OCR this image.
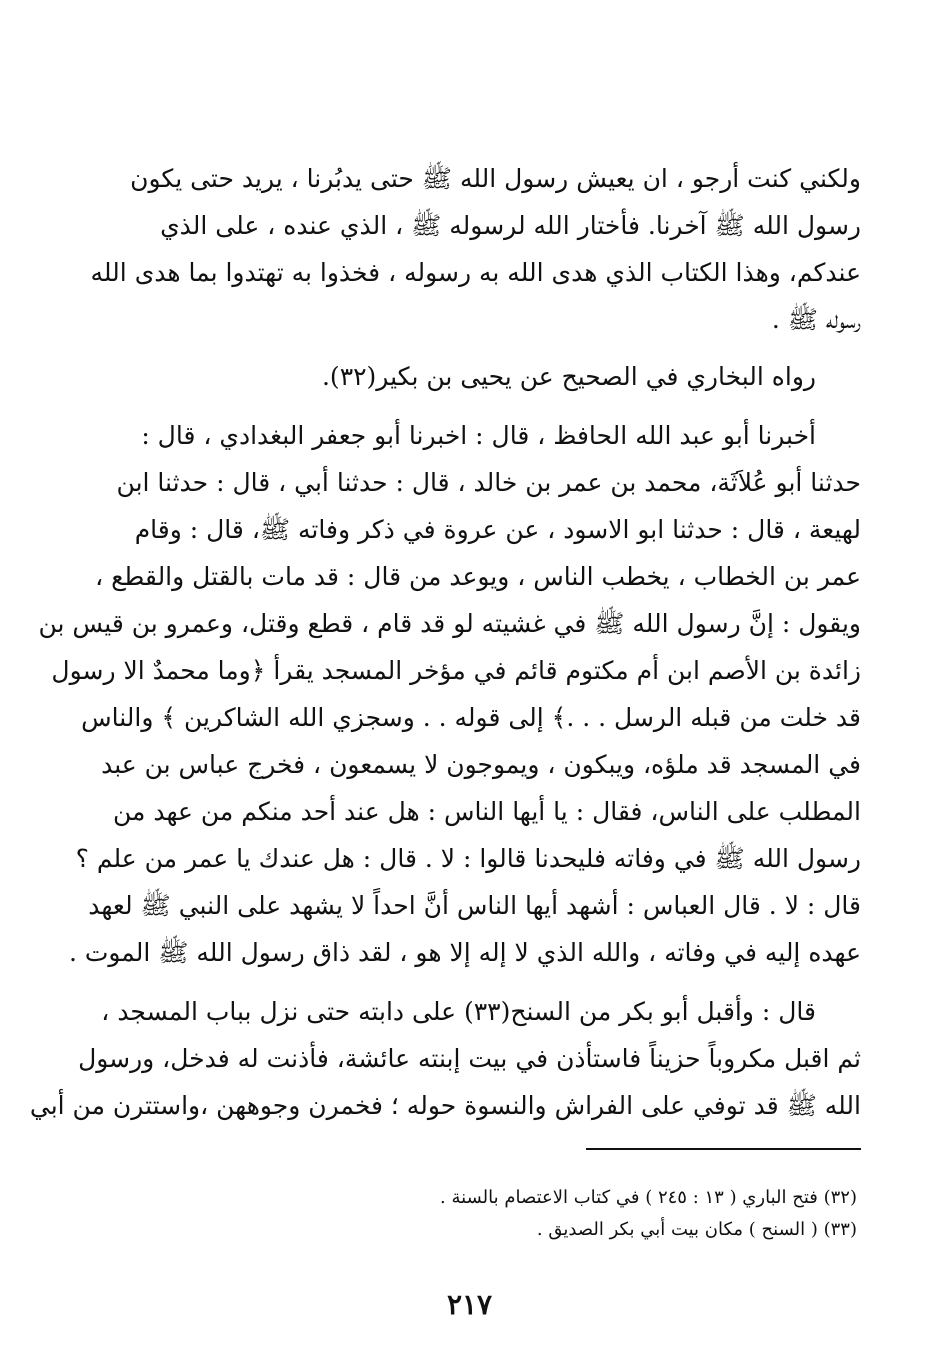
ولكني كنت أرجو ، ان يعيش رسول الله ﷺ حتى يدبُرنا ، يريد حتى يكون
رسول الله ﷺ آخرنا. فأختار الله لرسوله ﷺ ، الذي عنده ، على الذي
عندكم، وهذا الكتاب الذي هدى الله به رسوله ، فخذوا به تهتدوا بما هدى الله
رسوله ﷺ .

رواه البخاري في الصحيح عن يحيى بن بكير(٣٢).

أخبرنا أبو عبد الله الحافظ ، قال : اخبرنا أبو جعفر البغدادي ، قال :
حدثنا أبو عُلاَثَة، محمد بن عمر بن خالد ، قال : حدثنا أبي ، قال : حدثنا ابن
لهيعة ، قال : حدثنا ابو الاسود ، عن عروة في ذكر وفاته ﷺ، قال : وقام
عمر بن الخطاب ، يخطب الناس ، ويوعد من قال : قد مات بالقتل والقطع ،
ويقول : إنَّ رسول الله ﷺ في غشيته لو قد قام ، قطع وقتل، وعمرو بن قيس بن
زائدة بن الأصم ابن أم مكتوم قائم في مؤخر المسجد يقرأ ﴿وما محمدٌ الا رسول
قد خلت من قبله الرسل . . .﴾ إلى قوله . . وسجزي الله الشاكرين ﴾ والناس
في المسجد قد ملؤه، ويبكون ، ويموجون لا يسمعون ، فخرج عباس بن عبد
المطلب على الناس، فقال : يا أيها الناس : هل عند أحد منكم من عهد من
رسول الله ﷺ في وفاته فليحدنا قالوا : لا . قال : هل عندك يا عمر من علم ؟
قال : لا . قال العباس : أشهد أيها الناس أنَّ احداً لا يشهد على النبي ﷺ لعهد
عهده إليه في وفاته ، والله الذي لا إله إلا هو ، لقد ذاق رسول الله ﷺ الموت .

قال : وأقبل أبو بكر من السنح(٣٣) على دابته حتى نزل بباب المسجد ،
ثم اقبل مكروباً حزيناً فاستأذن في بيت إبنته عائشة، فأذنت له فدخل، ورسول
الله ﷺ قد توفي على الفراش والنسوة حوله ؛ فخمرن وجوههن ،واستترن من أبي

(٣٢) فتح الباري ( ١٣ : ٢٤٥ ) في كتاب الاعتصام بالسنة .
(٣٣) ( السنح ) مكان بيت أبي بكر الصديق .
٢١٧
